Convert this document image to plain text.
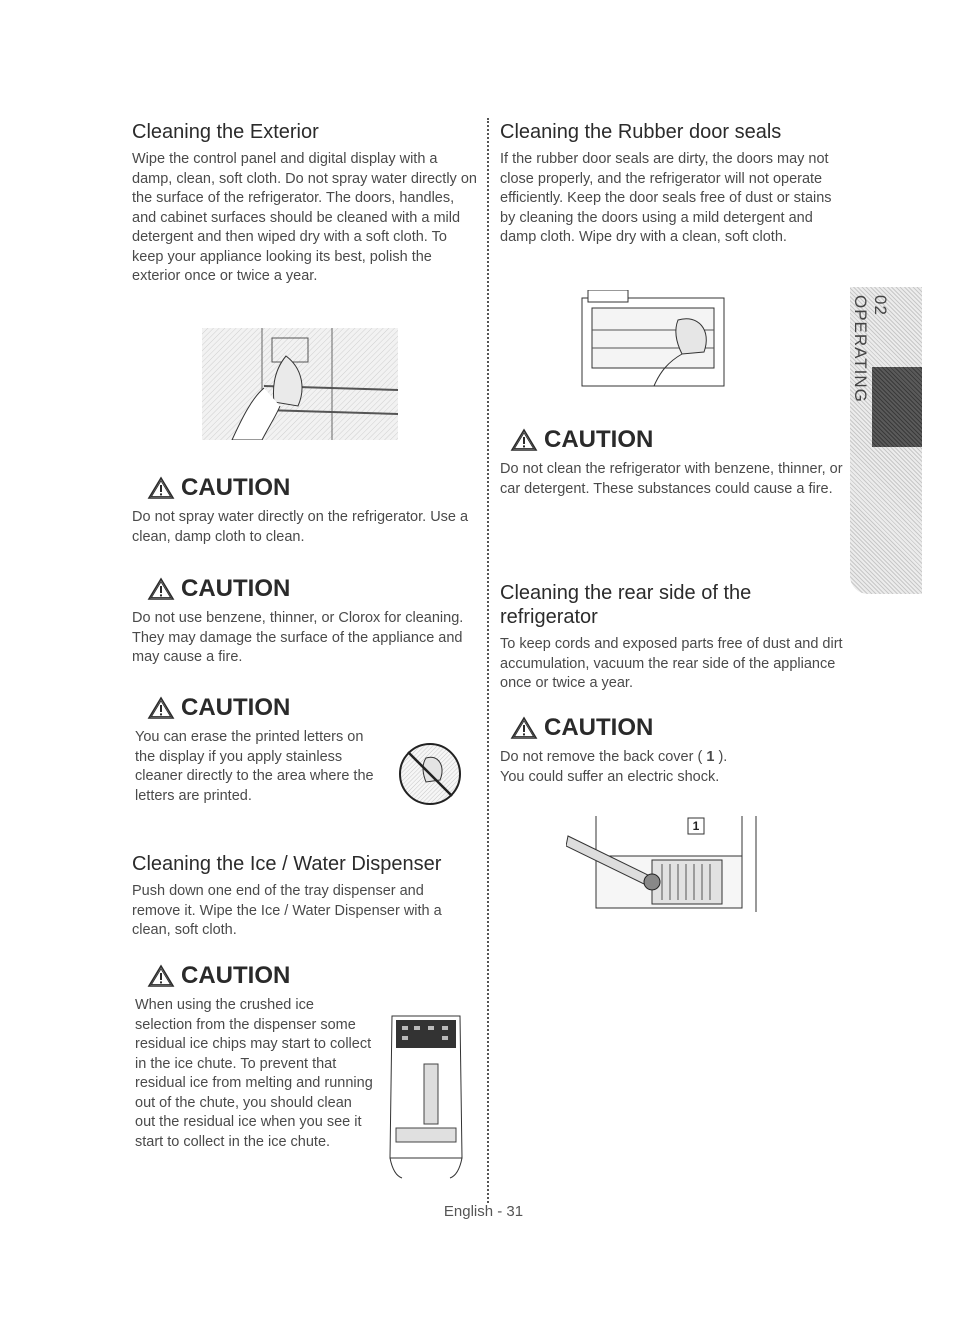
Cleaning the Exterior

Wipe the control panel and digital display with a damp, clean, soft cloth. Do not spray water directly on the surface of the refrigerator. The doors, handles, and cabinet surfaces should be cleaned with a mild detergent and then wiped dry with a soft cloth. To keep your appliance looking its best, polish the exterior once or twice a year.

CAUTION

Do not spray water directly on the refrigerator. Use a clean, damp cloth to clean.

CAUTION

Do not use benzene, thinner, or Clorox for cleaning. They may damage the surface of the appliance and may cause a fire.

CAUTION

You can erase the printed letters on the display if you apply stainless cleaner directly to the area where the letters are printed.

Cleaning the Ice / Water Dispenser

Push down one end of the tray dispenser and remove it. Wipe the Ice / Water Dispenser with a clean, soft cloth.

CAUTION

When using the crushed ice selection from the dispenser some residual ice chips may start to collect in the ice chute. To prevent that residual ice from melting and running out of the chute, you should clean out the residual ice when you see it start to collect in the ice chute.

Cleaning the Rubber door seals

If the rubber door seals are dirty, the doors may not close properly, and the refrigerator will not operate efficiently. Keep the door seals free of dust or stains by cleaning the doors using a mild detergent and damp cloth. Wipe dry with a clean, soft cloth.

CAUTION

Do not clean the refrigerator with benzene, thinner, or car detergent. These substances could cause a fire.

Cleaning the rear side of the refrigerator

To keep cords and exposed parts free of dust and dirt accumulation, vacuum the rear side of the appliance once or twice a year.

CAUTION

Do not remove the back cover ( 1 ).
You could suffer an electric shock.

1
02 OPERATING
English - 31
